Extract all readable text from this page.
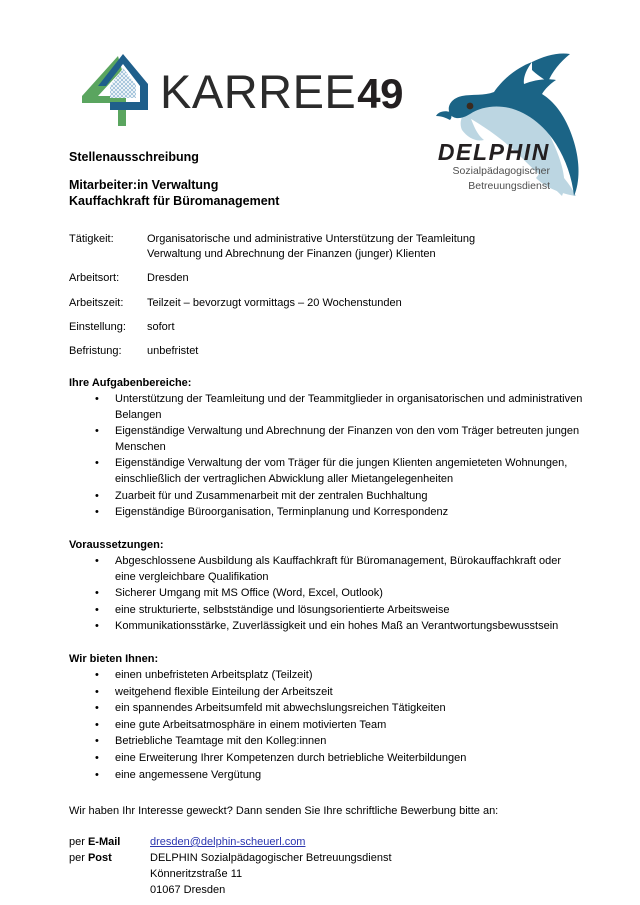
KARREE 49
DELPHIN
Sozialpädagogischer
Betreuungsdienst
Stellenausschreibung
Mitarbeiter:in Verwaltung
Kauffachkraft für Büromanagement
Tätigkeit:	Organisatorische und administrative Unterstützung der Teamleitung
Verwaltung und Abrechnung der Finanzen (junger) Klienten
Arbeitsort:	Dresden
Arbeitszeit:	Teilzeit – bevorzugt vormittags – 20 Wochenstunden
Einstellung:	sofort
Befristung:	unbefristet
Ihre Aufgabenbereiche:
• Unterstützung der Teamleitung und der Teammitglieder in organisatorischen und administrativen Belangen
• Eigenständige Verwaltung und Abrechnung der Finanzen von den vom Träger betreuten jungen Menschen
• Eigenständige Verwaltung der vom Träger für die jungen Klienten angemieteten Wohnungen, einschließlich der vertraglichen Abwicklung aller Mietangelegenheiten
• Zuarbeit für und Zusammenarbeit mit der zentralen Buchhaltung
• Eigenständige Büroorganisation, Terminplanung und Korrespondenz
Voraussetzungen:
• Abgeschlossene Ausbildung als Kauffachkraft für Büromanagement, Bürokauffachkraft oder eine vergleichbare Qualifikation
• Sicherer Umgang mit MS Office (Word, Excel, Outlook)
• eine strukturierte, selbstständige und lösungsorientierte Arbeitsweise
• Kommunikationsstärke, Zuverlässigkeit und ein hohes Maß an Verantwortungsbewusstsein
Wir bieten Ihnen:
• einen unbefristeten Arbeitsplatz (Teilzeit)
• weitgehend flexible Einteilung der Arbeitszeit
• ein spannendes Arbeitsumfeld mit abwechslungsreichen Tätigkeiten
• eine gute Arbeitsatmosphäre in einem motivierten Team
• Betriebliche Teamtage mit den Kolleg:innen
• eine Erweiterung Ihrer Kompetenzen durch betriebliche Weiterbildungen
• eine angemessene Vergütung
Wir haben Ihr Interesse geweckt? Dann senden Sie Ihre schriftliche Bewerbung bitte an:
per E-Mail	dresden@delphin-scheuerl.com
per Post	DELPHIN Sozialpädagogischer Betreuungsdienst
Könneritzstraße 11
01067 Dresden
